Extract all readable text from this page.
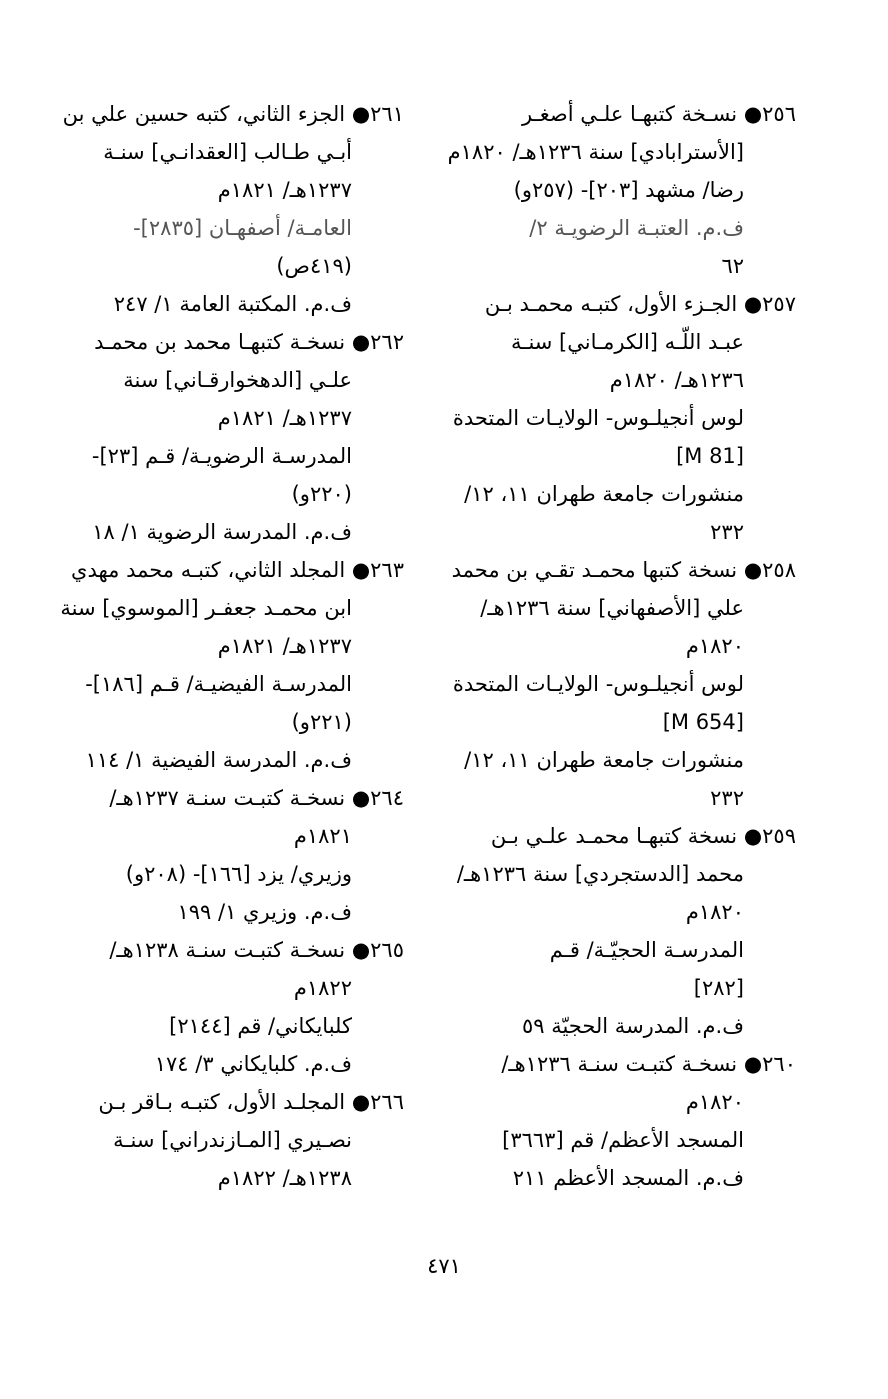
٢٥٦● نسـخة كتبهـا علـي أصغـر
[الأسترابادي] سنة ١٢٣٦هـ/ ١٨٢٠م
رضا/ مشهد [٢٠٣]- (٢٥٧و)
ف.م. العتبـة الرضويـة ٢/
٦٢
٢٥٧● الجـزء الأول، كتبـه محمـد بـن
عبـد اللّـه [الكرمـاني] سنـة
١٢٣٦هـ/ ١٨٢٠م
لوس أنجيلـوس- الولايـات المتحدة
[M 81]
منشورات جامعة طهران ١١، ١٢/
٢٣٢
٢٥٨● نسخة كتبها محمـد تقـي بن محمد
علي [الأصفهاني] سنة ١٢٣٦هـ/
١٨٢٠م
لوس أنجيلـوس- الولايـات المتحدة
[M 654]
منشورات جامعة طهران ١١، ١٢/
٢٣٢
٢٥٩● نسخة كتبهـا محمـد علـي بـن
محمد [الدستجردي] سنة ١٢٣٦هـ/
١٨٢٠م
المدرسـة الحجيّـة/ قـم
[٢٨٢]
ف.م. المدرسة الحجيّة ٥٩
٢٦٠● نسخـة كتبـت سنـة ١٢٣٦هـ/
١٨٢٠م
المسجد الأعظم/ قم [٣٦٦٣]
ف.م. المسجد الأعظم ٢١١
٢٦١● الجزء الثاني، كتبه حسين علي بن
أبـي طـالب [العقدانـي] سنـة
١٢٣٧هـ/ ١٨٢١م
العامـة/ أصفهـان [٢٨٣٥]-
(٤١٩ص)
ف.م. المكتبة العامة ١/ ٢٤٧
٢٦٢● نسخـة كتبهـا محمد بن محمـد
علـي [الدهخوارقـاني] سنة
١٢٣٧هـ/ ١٨٢١م
المدرسـة الرضويـة/ قـم [٢٣]-
(٢٢٠و)
ف.م. المدرسة الرضوية ١/ ١٨
٢٦٣● المجلد الثاني، كتبـه محمد مهدي
ابن محمـد جعفـر [الموسوي] سنة
١٢٣٧هـ/ ١٨٢١م
المدرسـة الفيضيـة/ قـم [١٨٦]-
(٢٢١و)
ف.م. المدرسة الفيضية ١/ ١١٤
٢٦٤● نسخـة كتبـت سنـة ١٢٣٧هـ/
١٨٢١م
وزيري/ يزد [١٦٦]- (٢٠٨و)
ف.م. وزيري ١/ ١٩٩
٢٦٥● نسخـة كتبـت سنـة ١٢٣٨هـ/
١٨٢٢م
كلبايكاني/ قم [٢١٤٤]
ف.م. كلبايكاني ٣/ ١٧٤
٢٦٦● المجلـد الأول، كتبـه بـاقر بـن
نصـيري [المـازندراني] سنـة
١٢٣٨هـ/ ١٨٢٢م
٤٧١
